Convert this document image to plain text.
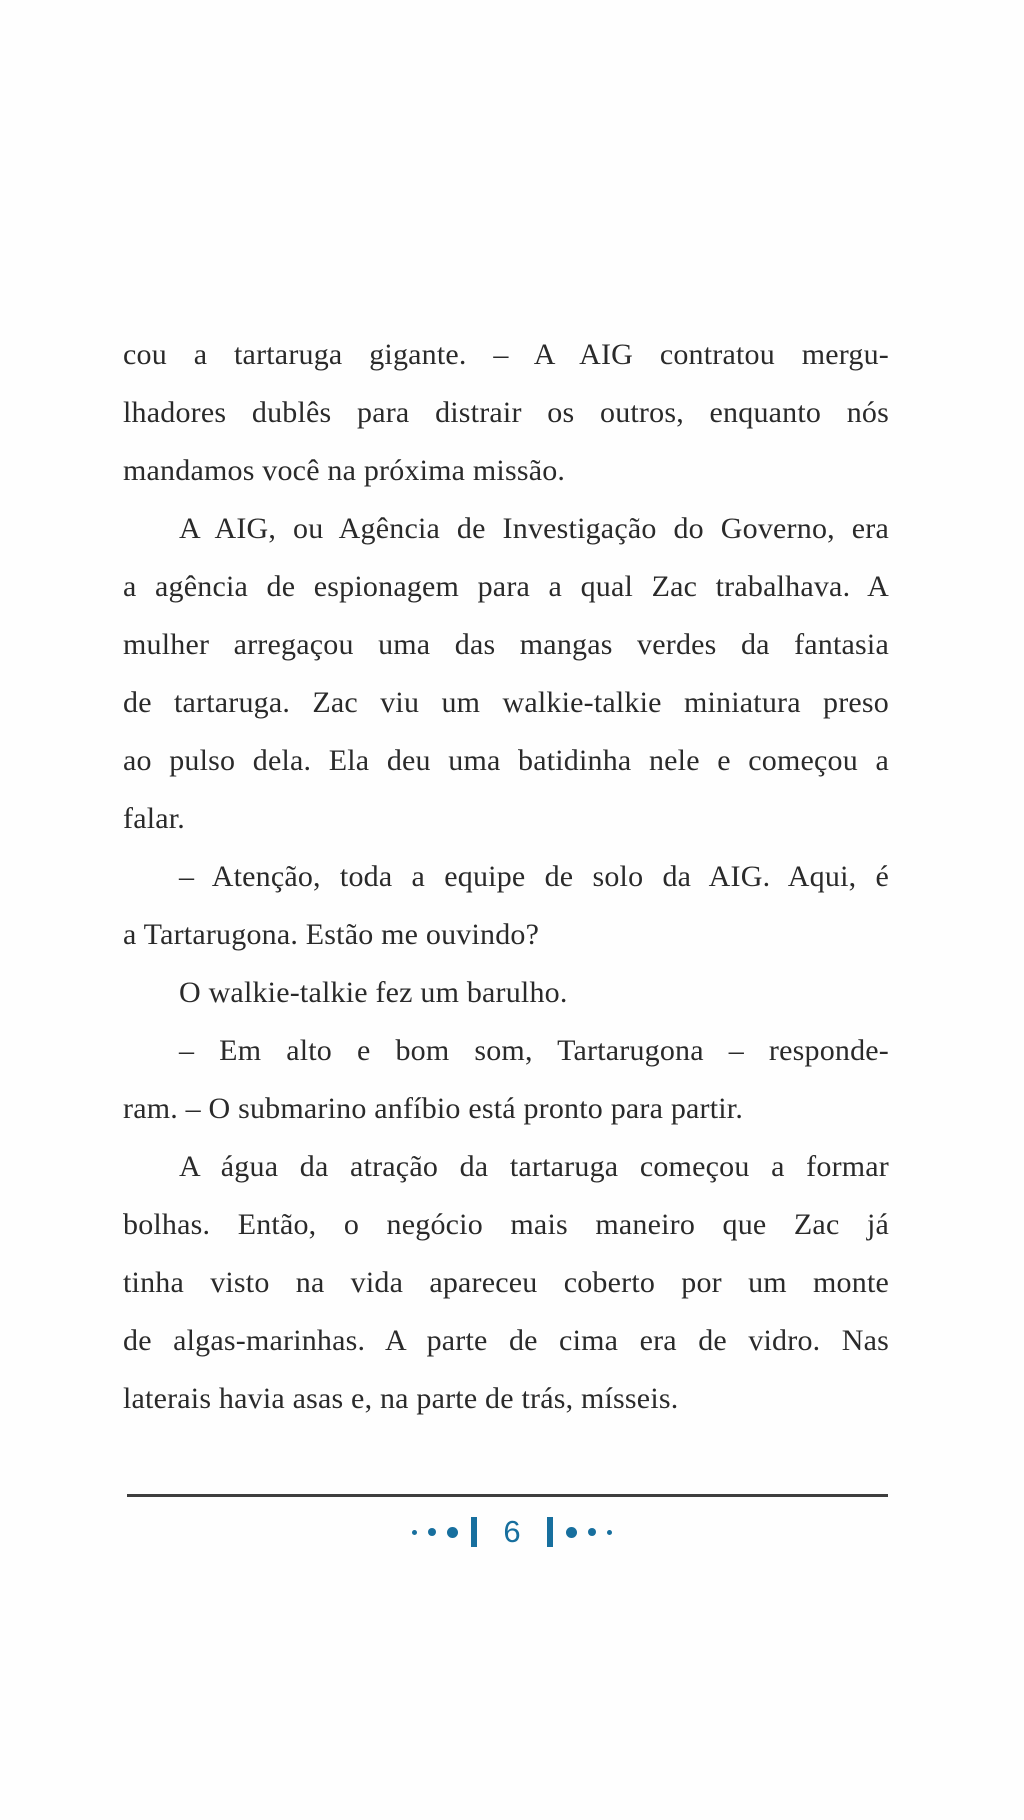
cou a tartaruga gigante. – A AIG contratou mergu-
lhadores dublês para distrair os outros, enquanto nós
mandamos você na próxima missão.
A AIG, ou Agência de Investigação do Governo, era
a agência de espionagem para a qual Zac trabalhava. A
mulher arregaçou uma das mangas verdes da fantasia
de tartaruga. Zac viu um walkie-talkie miniatura preso
ao pulso dela. Ela deu uma batidinha nele e começou a
falar.
– Atenção, toda a equipe de solo da AIG. Aqui, é
a Tartarugona. Estão me ouvindo?
O walkie-talkie fez um barulho.
– Em alto e bom som, Tartarugona – responde-
ram. – O submarino anfíbio está pronto para partir.
A água da atração da tartaruga começou a formar
bolhas. Então, o negócio mais maneiro que Zac já
tinha visto na vida apareceu coberto por um monte
de algas-marinhas. A parte de cima era de vidro. Nas
laterais havia asas e, na parte de trás, mísseis.
6
